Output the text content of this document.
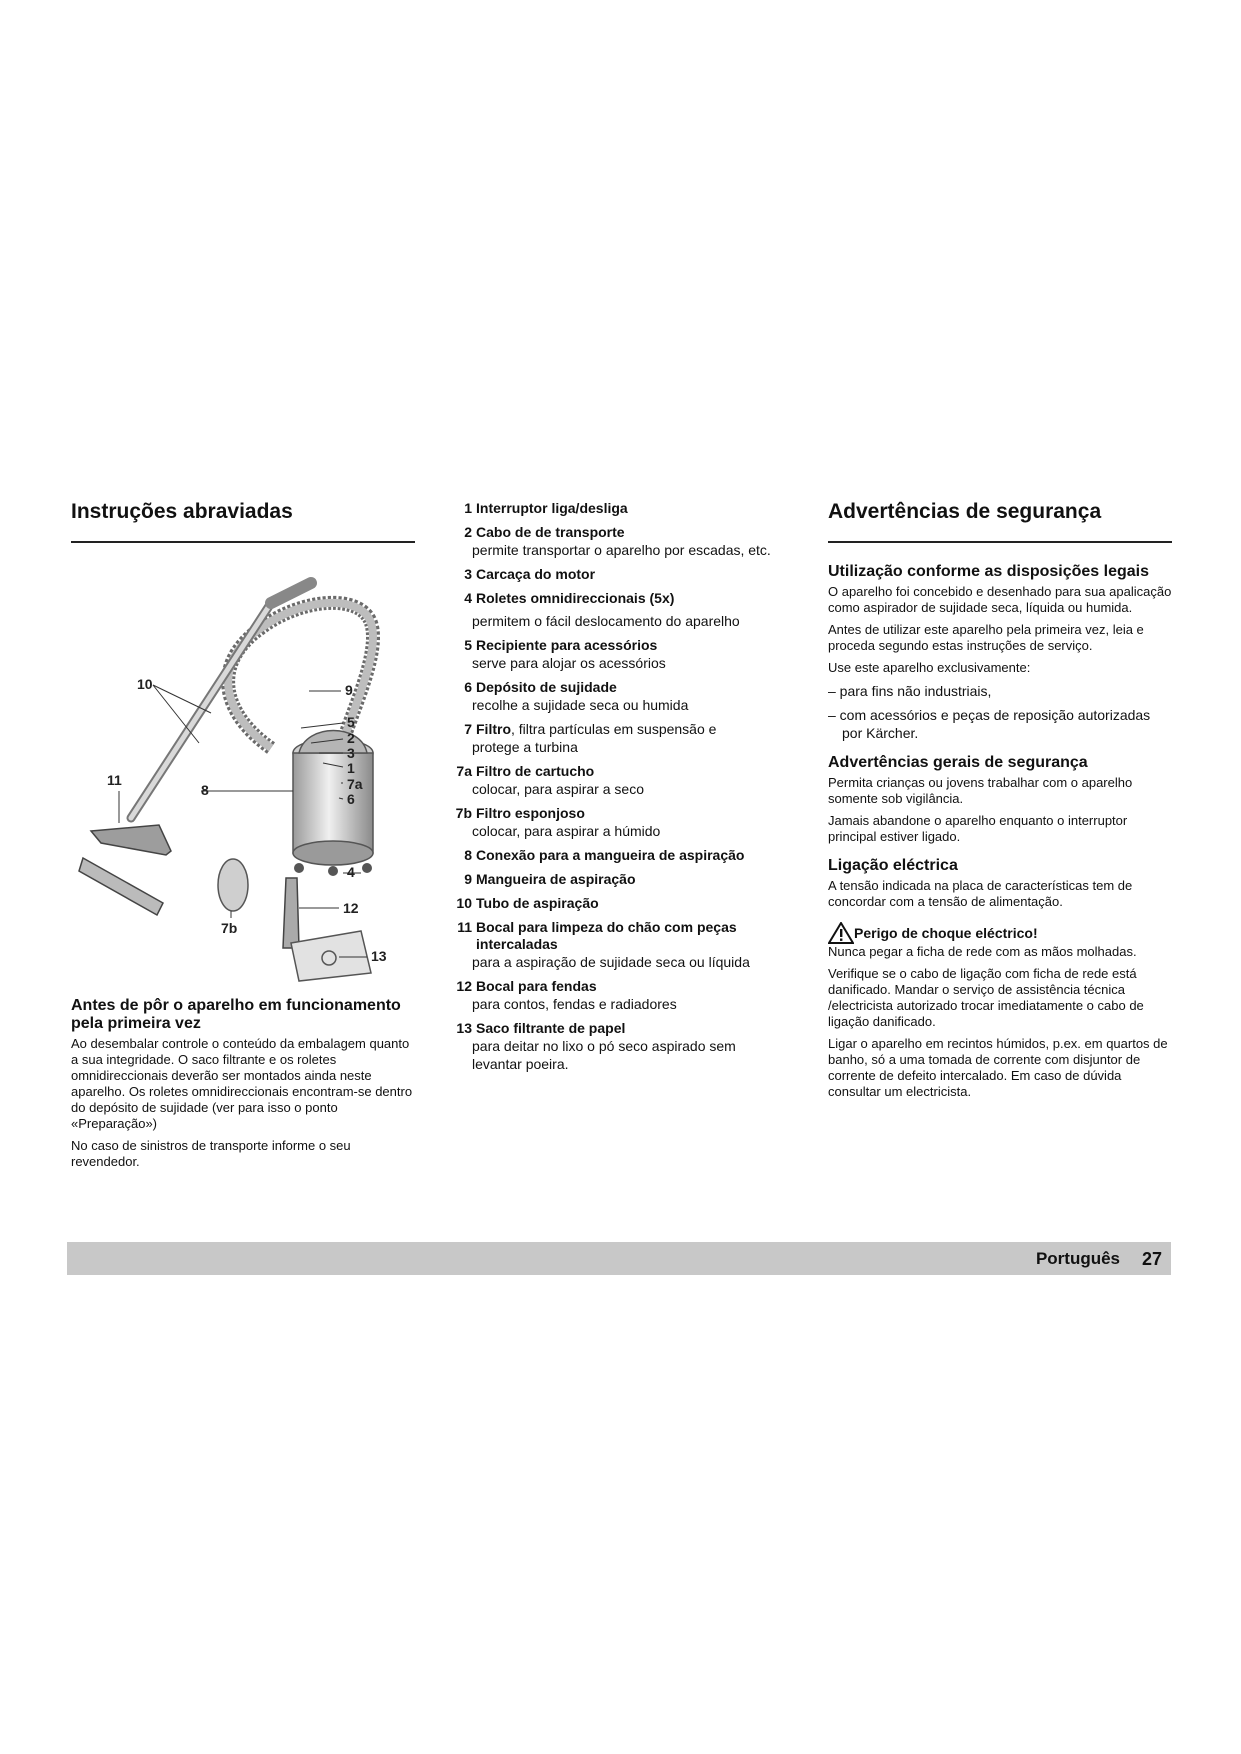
Instruções abraviadas
10	9
5
2
3
1
7a
6
4
11
8
7b
12
13
Antes de pôr o aparelho em funcionamento pela primeira vez

Ao desembalar controle o conteúdo da embalagem quanto a sua integridade. O saco filtrante e os roletes omnidireccionais deverão ser montados ainda neste aparelho. Os roletes omnidireccionais encontram-se dentro do depósito de sujidade (ver para isso o ponto «Preparação»)

No caso de sinistros de transporte informe o seu revendedor.

1 Interruptor liga/desliga
2 Cabo de de transporte
permite transportar o aparelho por escadas, etc.
3 Carcaça do motor
4 Roletes omnidireccionais (5x)
permitem o fácil deslocamento do aparelho
5 Recipiente para acessórios
serve para alojar os acessórios
6 Depósito de sujidade
recolhe a sujidade seca ou humida
7 Filtro, filtra partículas em suspensão e
protege a turbina
7a Filtro de cartucho
colocar, para aspirar a seco
7b Filtro esponjoso
colocar, para aspirar a húmido
8 Conexão para a mangueira de aspiração
9 Mangueira de aspiração
10 Tubo de aspiração
11 Bocal para limpeza do chão com peças intercaladas
para a aspiração de sujidade seca ou líquida
12 Bocal para fendas
para contos, fendas e radiadores
13 Saco filtrante de papel
para deitar no lixo o pó seco aspirado sem levantar poeira.
Advertências de segurança
Utilização conforme as disposições legais

O aparelho foi concebido e desenhado para sua apalicação como aspirador de sujidade seca, líquida ou humida.

Antes de utilizar este aparelho pela primeira vez, leia e proceda segundo estas instruções de serviço.

Use este aparelho exclusivamente:

– para fins não industriais,
– com acessórios e peças de reposição autorizadas por Kärcher.
Advertências gerais de segurança

Permita crianças ou jovens trabalhar com o aparelho somente sob vigilância.

Jamais abandone o aparelho enquanto o interruptor principal estiver ligado.

Ligação eléctrica

A tensão indicada na placa de características tem de concordar com a tensão de alimentação.

Perigo de choque eléctrico!

Nunca pegar a ficha de rede com as mãos molhadas.

Verifique se o cabo de ligação com ficha de rede está danificado. Mandar o serviço de assistência técnica /electricista autorizado trocar imediatamente o cabo de ligação danificado.

Ligar o aparelho em recintos húmidos, p.ex. em quartos de banho, só a uma tomada de corrente com disjuntor de corrente de defeito intercalado. Em caso de dúvida consultar um electricista.

Português 27
